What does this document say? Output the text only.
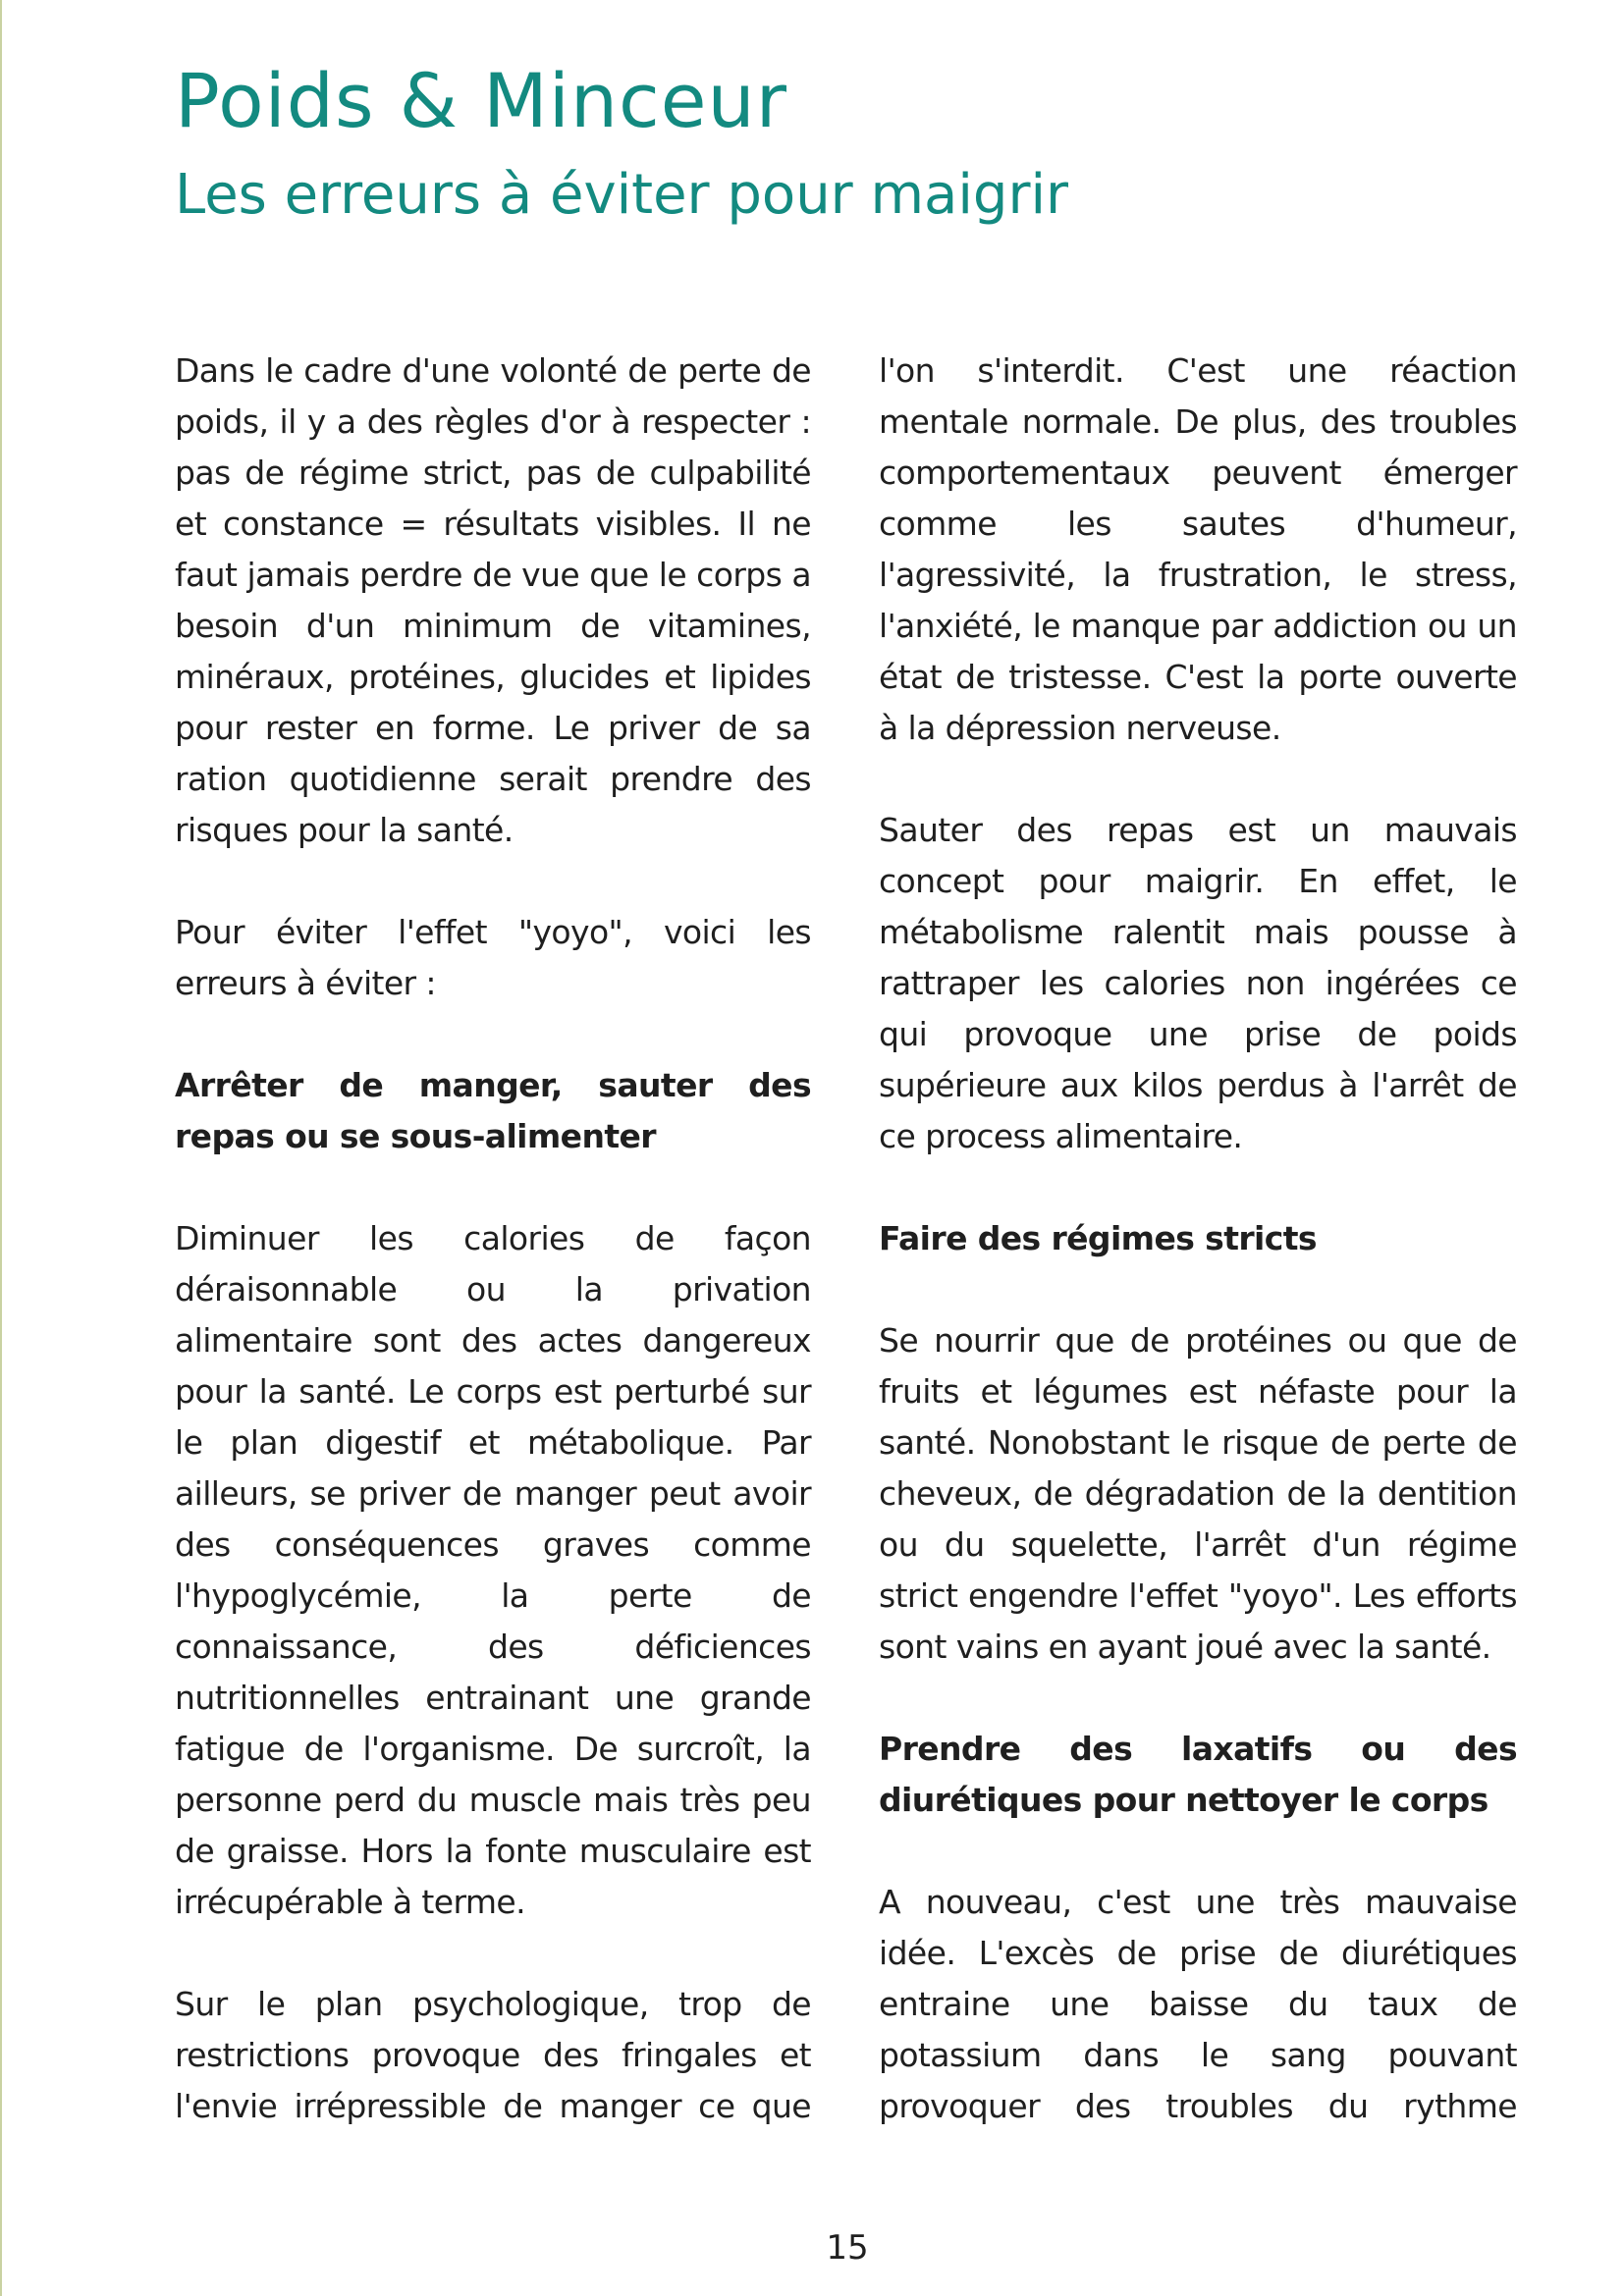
Poids & Minceur
Les erreurs à éviter pour maigrir

Dans le cadre d'une volonté de perte de poids, il y a des règles d'or à respecter : pas de régime strict, pas de culpabilité et constance = résultats visibles. Il ne faut jamais perdre de vue que le corps a besoin d'un minimum de vitamines, minéraux, protéines, glucides et lipides pour rester en forme. Le priver de sa ration quotidienne serait prendre des risques pour la santé.

Pour éviter l'effet "yoyo", voici les erreurs à éviter :

Arrêter de manger, sauter des repas ou se sous-alimenter

Diminuer les calories de façon déraisonnable ou la privation alimentaire sont des actes dangereux pour la santé. Le corps est perturbé sur le plan digestif et métabolique. Par ailleurs, se priver de manger peut avoir des conséquences graves comme l'hypoglycémie, la perte de connaissance, des déficiences nutritionnelles entrainant une grande fatigue de l'organisme. De surcroît, la personne perd du muscle mais très peu de graisse. Hors la fonte musculaire est irrécupérable à terme.

Sur le plan psychologique, trop de restrictions provoque des fringales et l'envie irrépressible de manger ce que

l'on s'interdit. C'est une réaction mentale normale. De plus, des troubles comportementaux peuvent émerger comme les sautes d'humeur, l'agressivité, la frustration, le stress, l'anxiété, le manque par addiction ou un état de tristesse. C'est la porte ouverte à la dépression nerveuse.

Sauter des repas est un mauvais concept pour maigrir. En effet, le métabolisme ralentit mais pousse à rattraper les calories non ingérées ce qui provoque une prise de poids supérieure aux kilos perdus à l'arrêt de ce process alimentaire.

Faire des régimes stricts

Se nourrir que de protéines ou que de fruits et légumes est néfaste pour la santé. Nonobstant le risque de perte de cheveux, de dégradation de la dentition ou du squelette, l'arrêt d'un régime strict engendre l'effet "yoyo". Les efforts sont vains en ayant joué avec la santé.

Prendre des laxatifs ou des diurétiques pour nettoyer le corps

A nouveau, c'est une très mauvaise idée. L'excès de prise de diurétiques entraine une baisse du taux de potassium dans le sang pouvant provoquer des troubles du rythme

15
